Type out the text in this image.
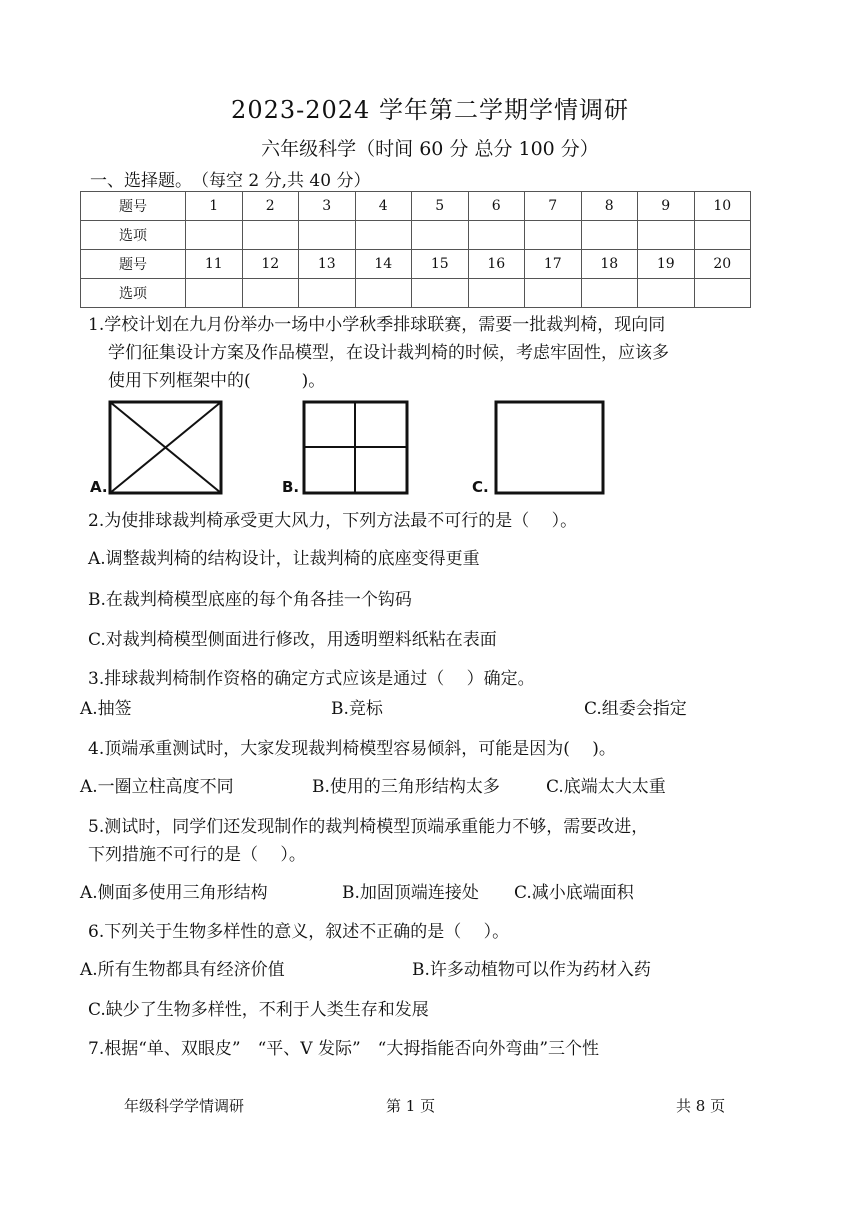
2023-2024 学年第二学期学情调研
六年级科学（时间 60 分 总分 100 分）
一、选择题。　（每空 2 分,共 40 分）
题号	1	2	3	4	5	6	7	8	9	10
选项										
题号	11	12	13	14	15	16	17	18	19	20
选项										
1.学校计划在九月份举办一场中小学秋季排球联赛，需要一批裁判椅，现向同
学们征集设计方案及作品模型，在设计裁判椅的时候，考虑牢固性，应该多
使用下列框架中的(　　　)。
A.	B.	C.
2.为使排球裁判椅承受更大风力，下列方法最不可行的是（　 ）。
A.调整裁判椅的结构设计，让裁判椅的底座变得更重
B.在裁判椅模型底座的每个角各挂一个钩码
C.对裁判椅模型侧面进行修改，用透明塑料纸粘在表面
3.排球裁判椅制作资格的确定方式应该是通过（　 ）确定。
A.抽签	B.竞标	C.组委会指定
4.顶端承重测试时，大家发现裁判椅模型容易倾斜，可能是因为(　 )。
A.一圈立柱高度不同	B.使用的三角形结构太多	C.底端太大太重
5.测试时，同学们还发现制作的裁判椅模型顶端承重能力不够，需要改进，
下列措施不可行的是（　 ）。
A.侧面多使用三角形结构	B.加固顶端连接处 C.减小底端面积
6.下列关于生物多样性的意义，叙述不正确的是（　 ）。
A.所有生物都具有经济价值	B.许多动植物可以作为药材入药
C.缺少了生物多样性，不利于人类生存和发展
7.根据“单、双眼皮”　“平、V 发际”　“大拇指能否向外弯曲”三个性
年级科学学情调研	第 1 页	共 8 页
